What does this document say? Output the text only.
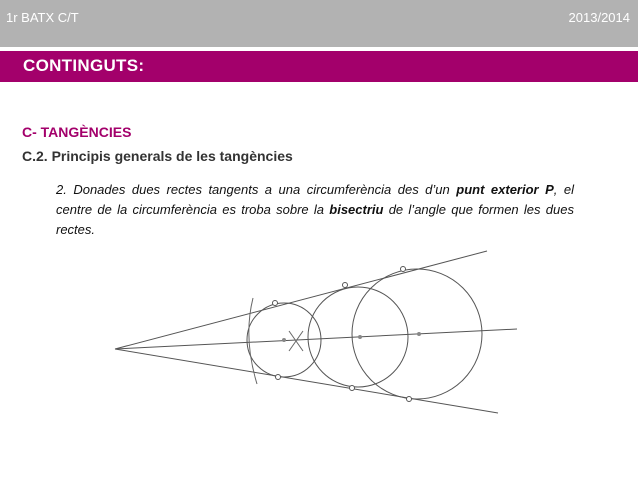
1r BATX C/T	2013/2014
CONTINGUTS:
C- TANGÈNCIES
C.2. Principis generals de les tangències
2. Donades dues rectes tangents a una circumferència des d’un punt exterior P, el centre de la circumferència es troba sobre la bisectriu de l’angle que formen les dues rectes.
